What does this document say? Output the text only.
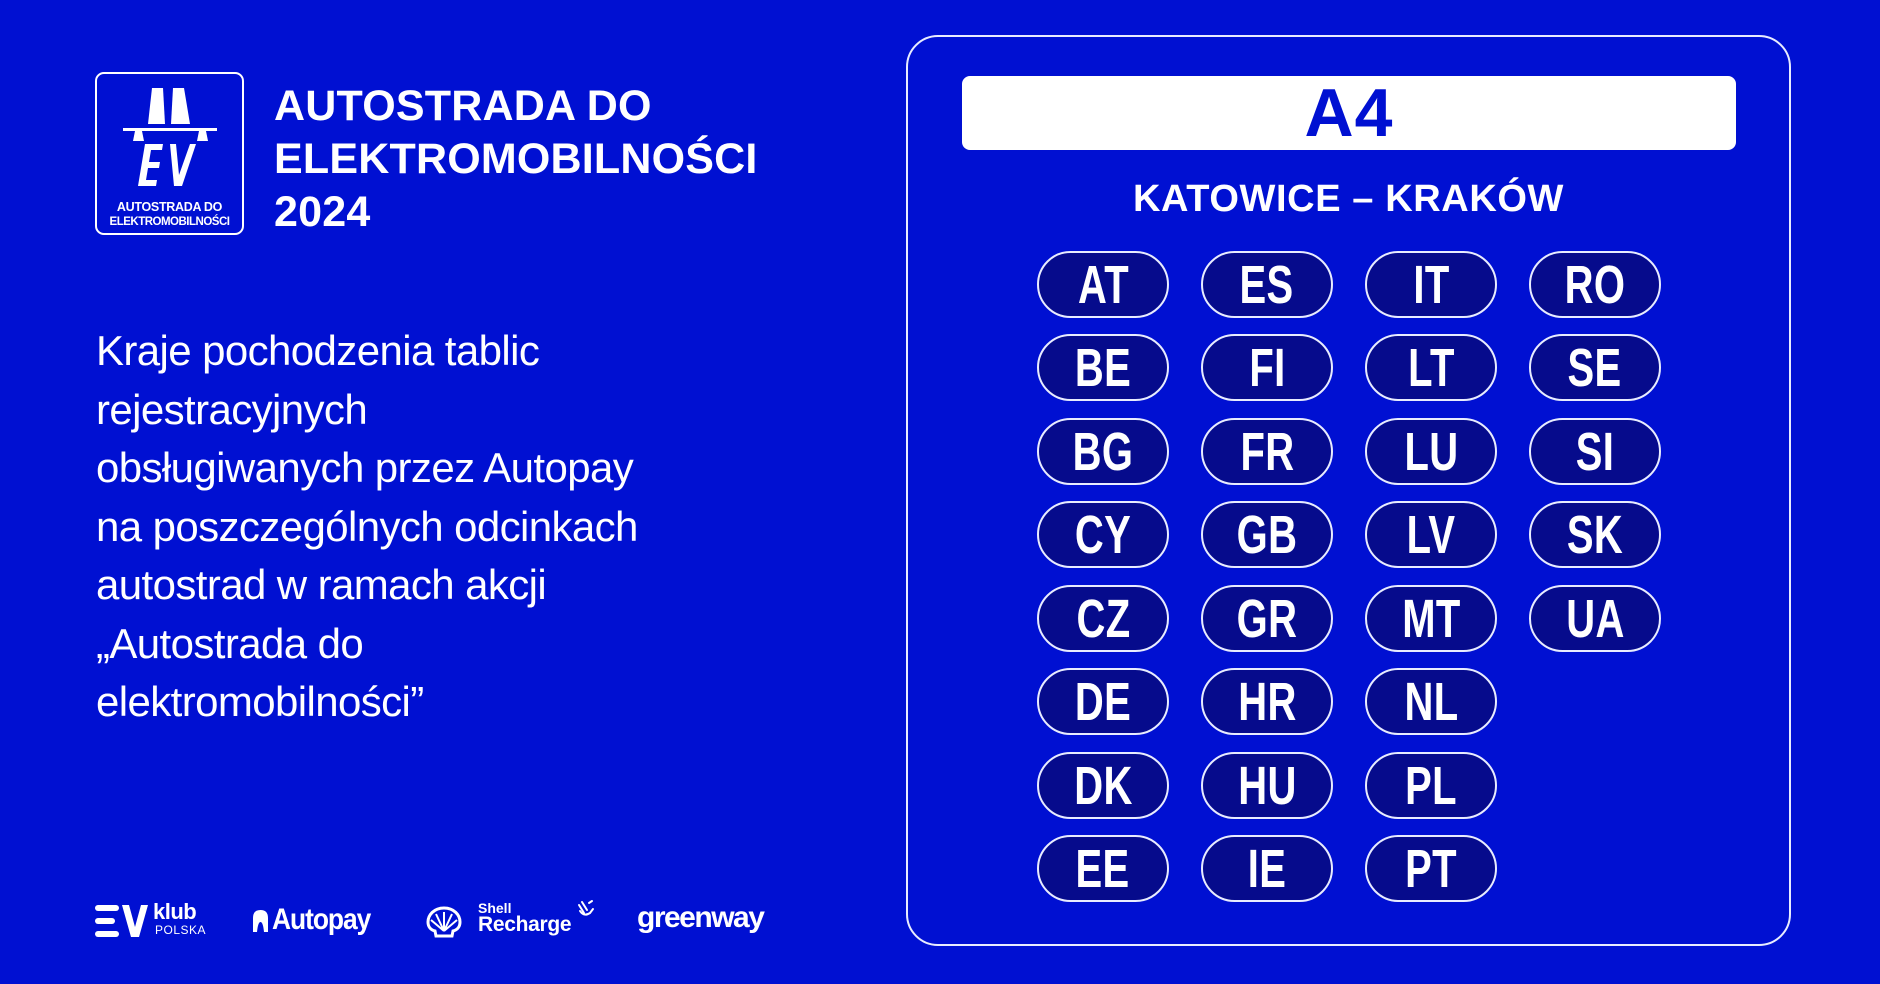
AUTOSTRADA DO
ELEKTROMOBILNOŚCI
AUTOSTRADA DO
ELEKTROMOBILNOŚCI
2024
Kraje pochodzenia tablic
rejestracyjnych
obsługiwanych przez Autopay
na poszczególnych odcinkach
autostrad w ramach akcji
„Autostrada do
elektromobilności”
klub
POLSKA Autopay	Shell
Recharge greenway
A4
KATOWICE – KRAKÓW
AT
BE
BG
CY
CZ
DE
DK
EE
ES
FI
FR
GB
GR
HR
HU
IE
IT
LT
LU
LV
MT
NL
PL
PT
RO
SE
SI
SK
UA
